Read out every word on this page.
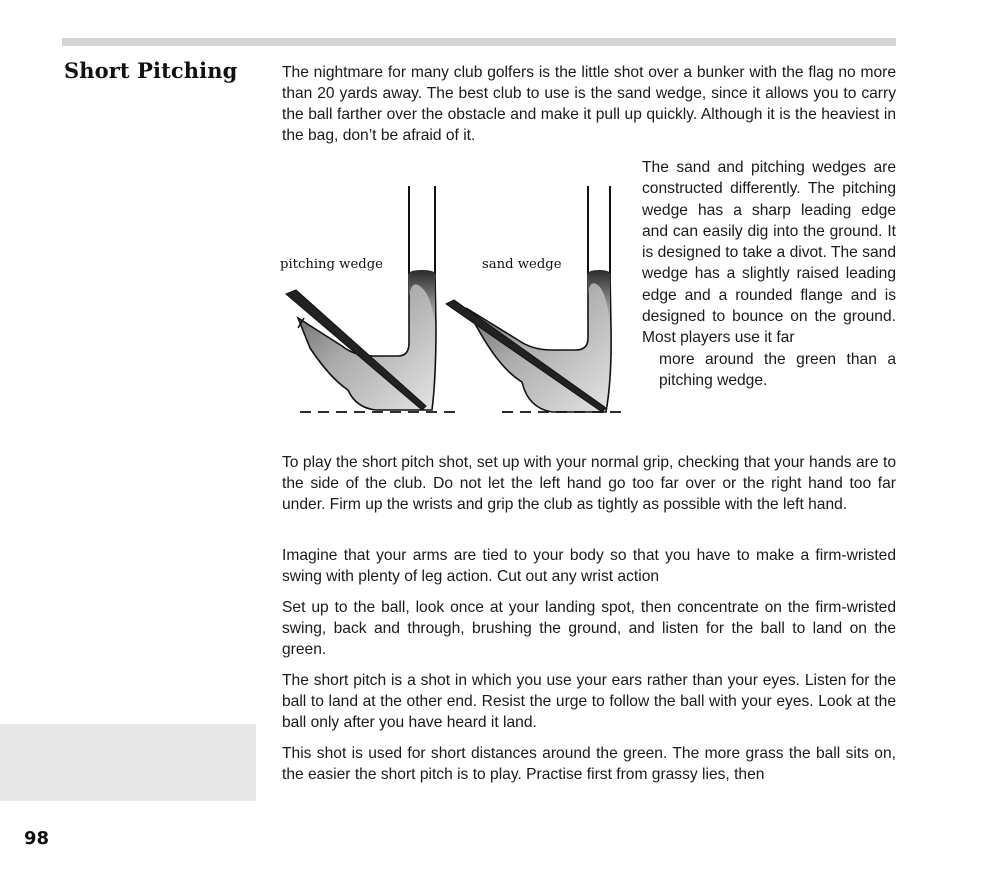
Short Pitching	The nightmare for many club golfers is the little shot over a bunker with the flag no more than 20 yards away. The best club to use is the sand wedge, since it allows you to carry the ball farther over the obstacle and make it pull up quickly. Although it is the heaviest in the bag, don’t be afraid of it.

pitching wedge	sand wedge

The sand and pitching wedges are constructed differently. The pitching wedge has a sharp leading edge and can easily dig into the ground. It is designed to take a divot. The sand wedge has a slightly raised leading edge and a rounded flange and is designed to bounce on the ground. Most players use it far
more around the green than a pitching wedge.

To play the short pitch shot, set up with your normal grip, checking that your hands are to the side of the club. Do not let the left hand go too far over or the right hand too far under. Firm up the wrists and grip the club as tightly as possible with the left hand.

Imagine that your arms are tied to your body so that you have to make a firm-wristed swing with plenty of leg action. Cut out any wrist action

Set up to the ball, look once at your landing spot, then concentrate on the firm-wristed swing, back and through, brushing the ground, and listen for the ball to land on the green.

The short pitch is a shot in which you use your ears rather than your eyes. Listen for the ball to land at the other end. Resist the urge to follow the ball with your eyes. Look at the ball only after you have heard it land.

This shot is used for short distances around the green. The more grass the ball sits on, the easier the short pitch is to play. Practise first from grassy lies, then

98
